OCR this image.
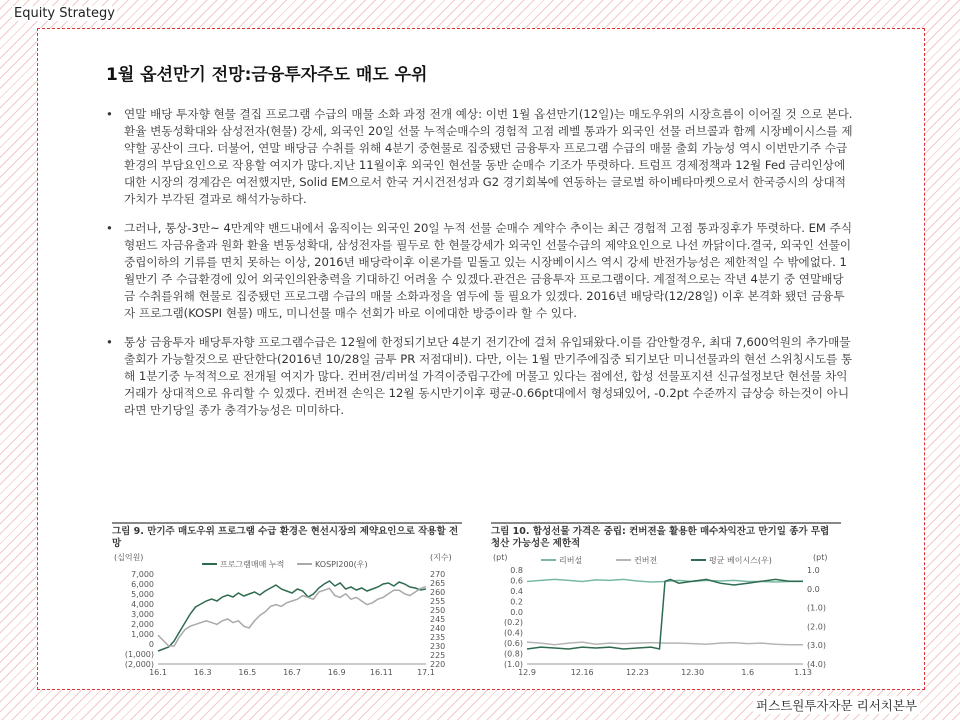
Equity Strategy
1월 옵션만기 전망:금융투자주도 매도 우위
• 연말 배당 투자향 현물 결집 프로그램 수급의 매물 소화 과정 전개 예상: 이번 1월 옵션만기(12일)는 매도우위의 시장흐름이 이어질 것 으로 본다. 환율 변동성확대와 삼성전자(현물) 강세, 외국인 20일 선물 누적순매수의 경험적 고점 레벨 통과가 외국인 선물 러브콜과 함께 시장베이시스를 제약할 공산이 크다. 더불어, 연말 배당금 수취를 위해 4분기 중현물로 집중됐던 금융투자 프로그램 수급의 매물 출회 가능성 역시 이번만기주 수급환경의 부담요인으로 작용할 여지가 많다.지난 11월이후 외국인 현선물 동반 순매수 기조가 뚜렷하다. 트럼프 경제정책과 12월 Fed 금리인상에 대한 시장의 경계감은 여전했지만, Solid EM으로서 한국 거시건전성과 G2 경기회복에 연동하는 글로벌 하이베타마켓으로서 한국증시의 상대적 가치가 부각된 결과로 해석가능하다.
• 그러나, 통상-3만~ 4만계약 밴드내에서 움직이는 외국인 20일 누적 선물 순매수 계약수 추이는 최근 경험적 고점 통과징후가 뚜렷하다. EM 주식형펀드 자금유출과 원화 환율 변동성확대, 삼성전자를 필두로 한 현물강세가 외국인 선물수급의 제약요인으로 나선 까닭이다.결국, 외국인 선물이 중립이하의 기류를 면치 못하는 이상, 2016년 배당락이후 이론가를 밑돌고 있는 시장베이시스 역시 강세 반전가능성은 제한적일 수 밖에없다. 1월만기 주 수급환경에 있어 외국인의완충력을 기대하긴 어려울 수 있겠다.관건은 금융투자 프로그램이다. 계절적으로는 작년 4분기 중 연말배당금 수취를위해 현물로 집중됐던 프로그램 수급의 매물 소화과정을 염두에 둘 필요가 있겠다. 2016년 배당락(12/28일) 이후 본격화 됐던 금융투자 프로그램(KOSPI 현물) 매도, 미니선물 매수 선회가 바로 이에대한 방증이라 할 수 있다.
• 통상 금융투자 배당투자향 프로그램수급은 12월에 한정되기보단 4분기 전기간에 걸쳐 유입돼왔다.이를 감안할경우, 최대 7,600억원의 추가매물 출회가 가능할것으로 판단한다(2016년 10/28일 금투 PR 저점대비). 다만, 이는 1월 만기주에집중 되기보단 미니선물과의 현선 스위칭시도를 통해 1분기중 누적적으로 전개될 여지가 많다. 컨버젼/리버설 가격이중립구간에 머물고 있다는 점에선, 합성 선물포지션 신규설정보단 현선물 차익거래가 상대적으로 유리할 수 있겠다. 컨버젼 손익은 12월 동시만기이후 평균-0.66pt대에서 형성돼있어, -0.2pt 수준까지 급상승 하는것이 아니라면 만기당일 종가 충격가능성은 미미하다.
그림 9. 만기주 매도우위 프로그램 수급 환경은 현선시장의 제약요인으로 작용할 전망
(십억원)	(지수)
프로그램매매 누적	KOSPI200(우)
7,000
6,000
5,000
4,000
3,000
2,000
1,000
0
(1,000)
(2,000)
270
265
260
255
250
245
240
235
230
225
220
16.1	16.3	16.5	16.7	16.9	16.11	17.1
그림 10. 합성선물 가격은 중립: 컨버젼을 활용한 매수차익잔고 만기일 종가 무렵 청산 가능성은 제한적
(pt)	(pt)
리버설	컨버젼	평균 베이시스(우)
0.8
0.6
0.4
0.2
0.0
(0.2)
(0.4)
(0.6)
(0.8)
(1.0)
1.0
0.0
(1.0)
(2.0)
(3.0)
(4.0)
12.9	12.16	12.23	12.30	1.6	1.13
퍼스트원투자자문 리서치본부
